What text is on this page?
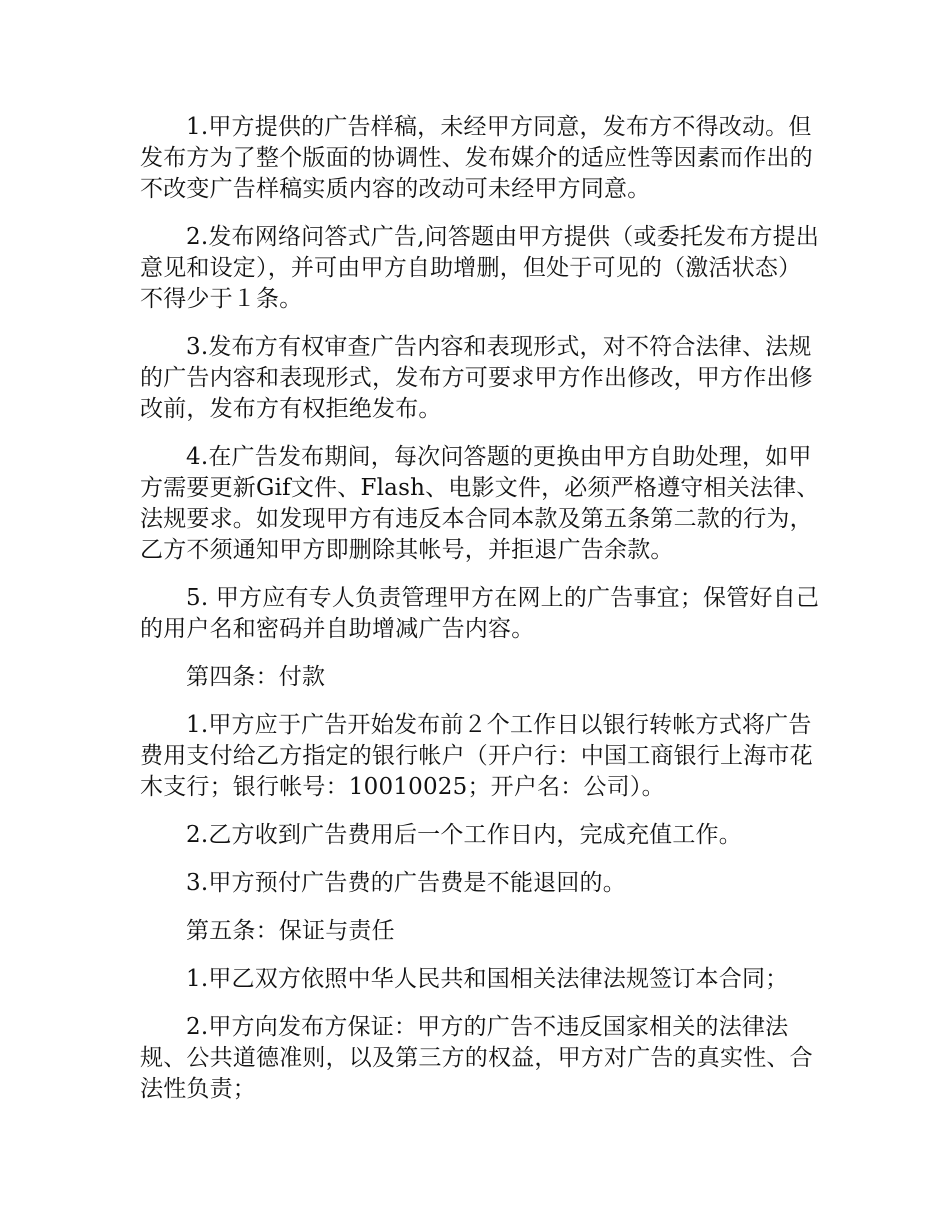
1.甲方提供的广告样稿，未经甲方同意，发布方不得改动。但发布方为了整个版面的协调性、发布媒介的适应性等因素而作出的不改变广告样稿实质内容的改动可未经甲方同意。

2.发布网络问答式广告,问答题由甲方提供（或委托发布方提出意见和设定），并可由甲方自助增删，但处于可见的（激活状态）不得少于１条。

3.发布方有权审查广告内容和表现形式，对不符合法律、法规的广告内容和表现形式，发布方可要求甲方作出修改，甲方作出修改前，发布方有权拒绝发布。

4.在广告发布期间，每次问答题的更换由甲方自助处理，如甲方需要更新Gif文件、Flash、电影文件，必须严格遵守相关法律、法规要求。如发现甲方有违反本合同本款及第五条第二款的行为，乙方不须通知甲方即删除其帐号，并拒退广告余款。

5. 甲方应有专人负责管理甲方在网上的广告事宜；保管好自己的用户名和密码并自助增减广告内容。

第四条：付款

1.甲方应于广告开始发布前２个工作日以银行转帐方式将广告费用支付给乙方指定的银行帐户（开户行：中国工商银行上海市花木支行；银行帐号：10010025；开户名：公司）。

2.乙方收到广告费用后一个工作日内，完成充值工作。

3.甲方预付广告费的广告费是不能退回的。

第五条：保证与责任

1.甲乙双方依照中华人民共和国相关法律法规签订本合同；

2.甲方向发布方保证：甲方的广告不违反国家相关的法律法规、公共道德准则，以及第三方的权益，甲方对广告的真实性、合法性负责；
